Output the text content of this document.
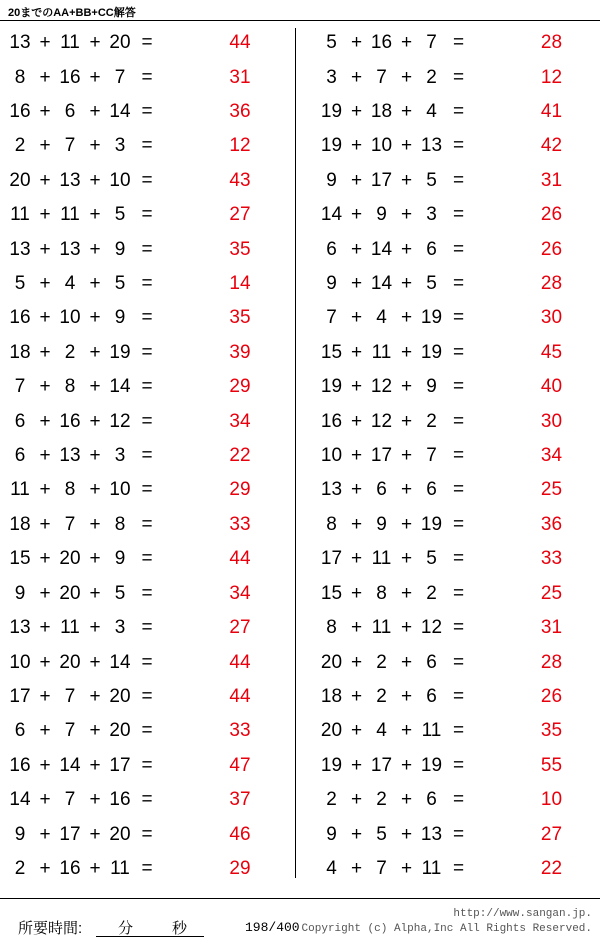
20までのAA+BB+CC解答
13 + 11 + 20 =	44
8 + 16 + 7 =	31
16 + 6 + 14 =	36
2 + 7 + 3 =	12
20 + 13 + 10 =	43
11 + 11 + 5 =	27
13 + 13 + 9 =	35
5 + 4 + 5 =	14
16 + 10 + 9 =	35
18 + 2 + 19 =	39
7 + 8 + 14 =	29
6 + 16 + 12 =	34
6 + 13 + 3 =	22
11 + 8 + 10 =	29
18 + 7 + 8 =	33
15 + 20 + 9 =	44
9 + 20 + 5 =	34
13 + 11 + 3 =	27
10 + 20 + 14 =	44
17 + 7 + 20 =	44
6 + 7 + 20 =	33
16 + 14 + 17 =	47
14 + 7 + 16 =	37
9 + 17 + 20 =	46
2 + 16 + 11 =	29
5 + 16 + 7 =	28
3 + 7 + 2 =	12
19 + 18 + 4 =	41
19 + 10 + 13 =	42
9 + 17 + 5 =	31
14 + 9 + 3 =	26
6 + 14 + 6 =	26
9 + 14 + 5 =	28
7 + 4 + 19 =	30
15 + 11 + 19 =	45
19 + 12 + 9 =	40
16 + 12 + 2 =	30
10 + 17 + 7 =	34
13 + 6 + 6 =	25
8 + 9 + 19 =	36
17 + 11 + 5 =	33
15 + 8 + 2 =	25
8 + 11 + 12 =	31
20 + 2 + 6 =	28
18 + 2 + 6 =	26
20 + 4 + 11 =	35
19 + 17 + 19 =	55
2 + 2 + 6 =	10
9 + 5 + 13 =	27
4 + 7 + 11 =	22
所要時間: 分	秒	198/400
http://www.sangan.jp.
Copyright (c) Alpha,Inc All Rights Reserved.
